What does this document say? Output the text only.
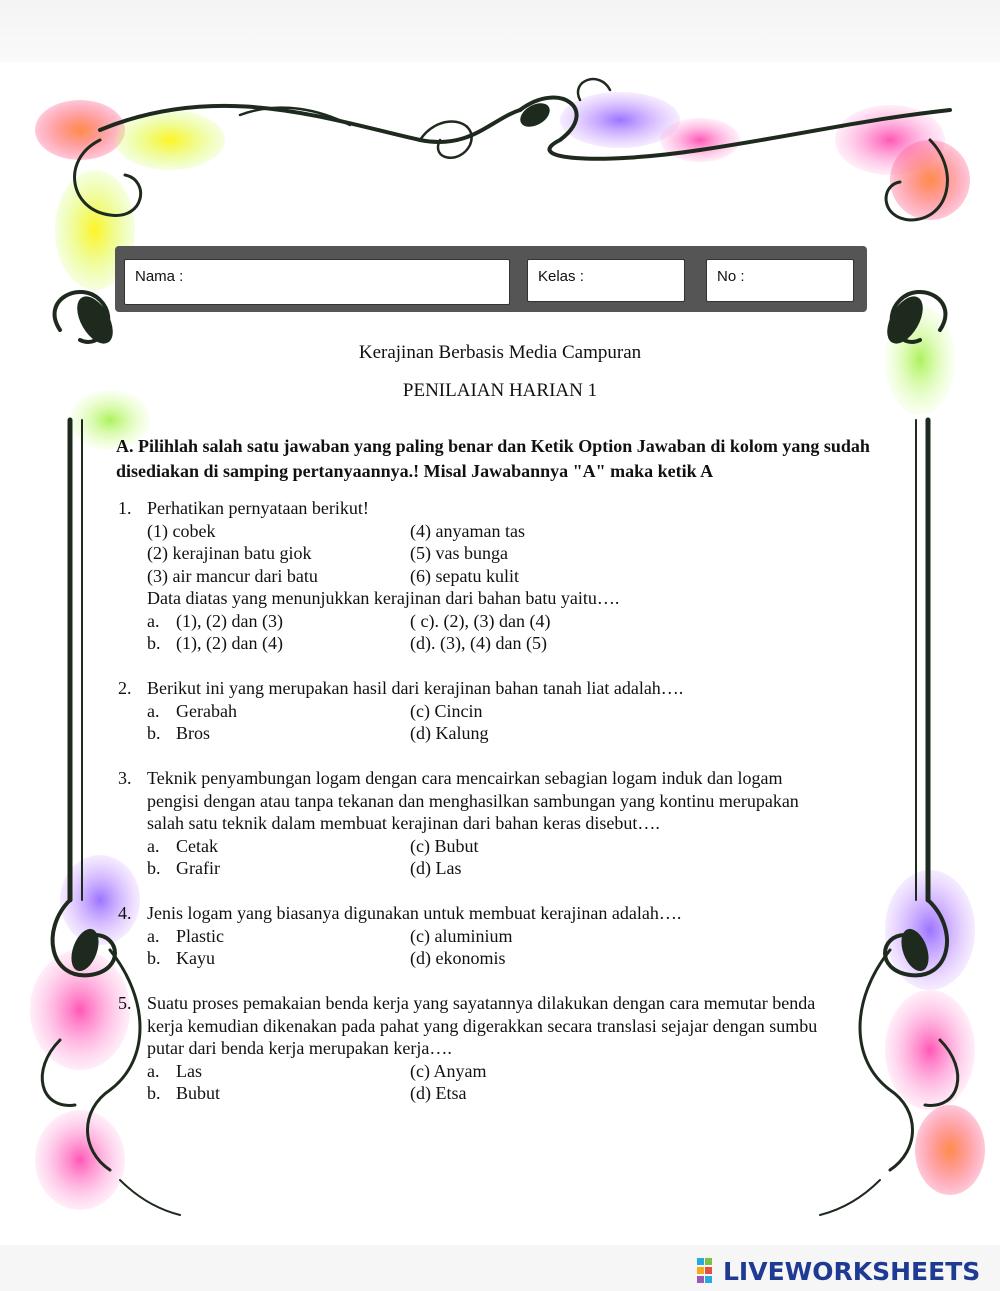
Nama :	Kelas :	No :
Kerajinan Berbasis Media Campuran
PENILAIAN HARIAN 1
A. Pilihlah salah satu jawaban yang paling benar dan Ketik Option Jawaban di kolom yang sudah disediakan di samping pertanyaannya.! Misal Jawabannya "A" maka ketik A
1. Perhatikan pernyataan berikut!
(1) cobek	(4) anyaman tas
(2) kerajinan batu giok	(5) vas bunga
(3) air mancur dari batu	(6) sepatu kulit
Data diatas yang menunjukkan kerajinan dari bahan batu yaitu….
a. (1), (2) dan (3)	( c). (2), (3) dan (4)
b. (1), (2) dan (4)	(d). (3), (4) dan (5)
2. Berikut ini yang merupakan hasil dari kerajinan bahan tanah liat adalah….
a. Gerabah	(c) Cincin
b. Bros	(d) Kalung
3. Teknik penyambungan logam dengan cara mencairkan sebagian logam induk dan logam
pengisi dengan atau tanpa tekanan dan menghasilkan sambungan yang kontinu merupakan
salah satu teknik dalam membuat kerajinan dari bahan keras disebut….
a. Cetak	(c) Bubut
b. Grafir	(d) Las
4. Jenis logam yang biasanya digunakan untuk membuat kerajinan adalah….
a. Plastic	(c) aluminium
b. Kayu	(d) ekonomis
5. Suatu proses pemakaian benda kerja yang sayatannya dilakukan dengan cara memutar benda
kerja kemudian dikenakan pada pahat yang digerakkan secara translasi sejajar dengan sumbu
putar dari benda kerja merupakan kerja….
a. Las	(c) Anyam
b. Bubut	(d) Etsa
LIVEWORKSHEETS
